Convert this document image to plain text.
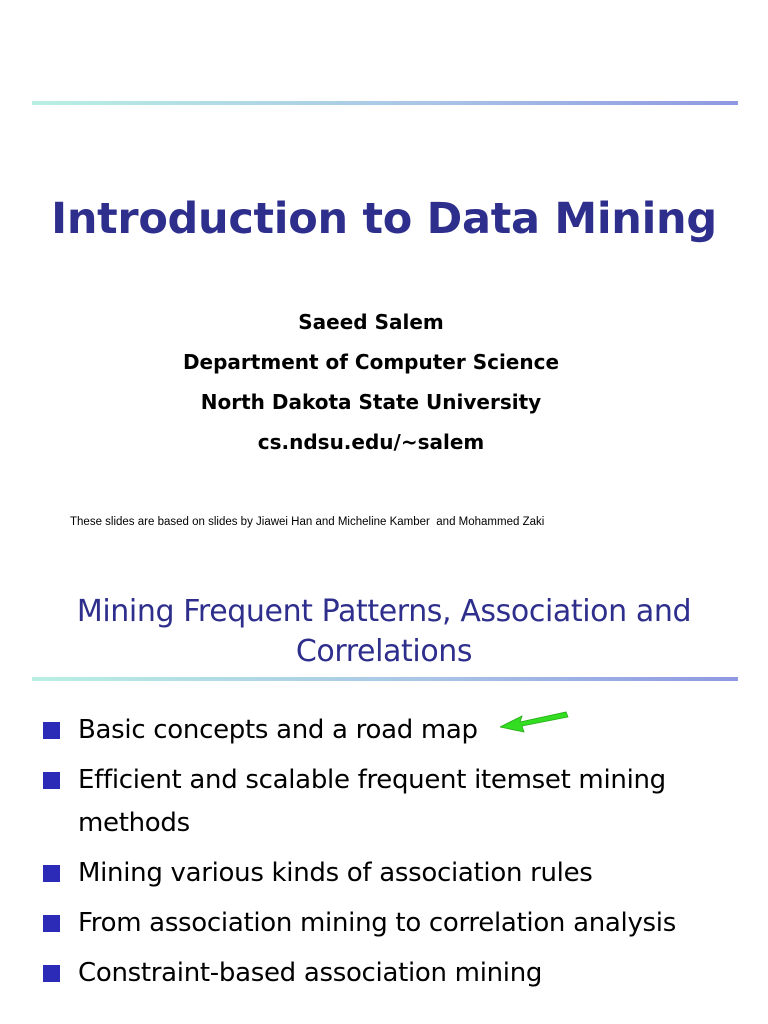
Introduction to Data Mining
Saeed Salem
Department of Computer Science
North Dakota State University
cs.ndsu.edu/~salem
These slides are based on slides by Jiawei Han and Micheline Kamber  and Mohammed Zaki
Mining Frequent Patterns, Association and Correlations
Basic concepts and a road map
Efficient and scalable frequent itemset mining methods
Mining various kinds of association rules
From association mining to correlation analysis
Constraint-based association mining
